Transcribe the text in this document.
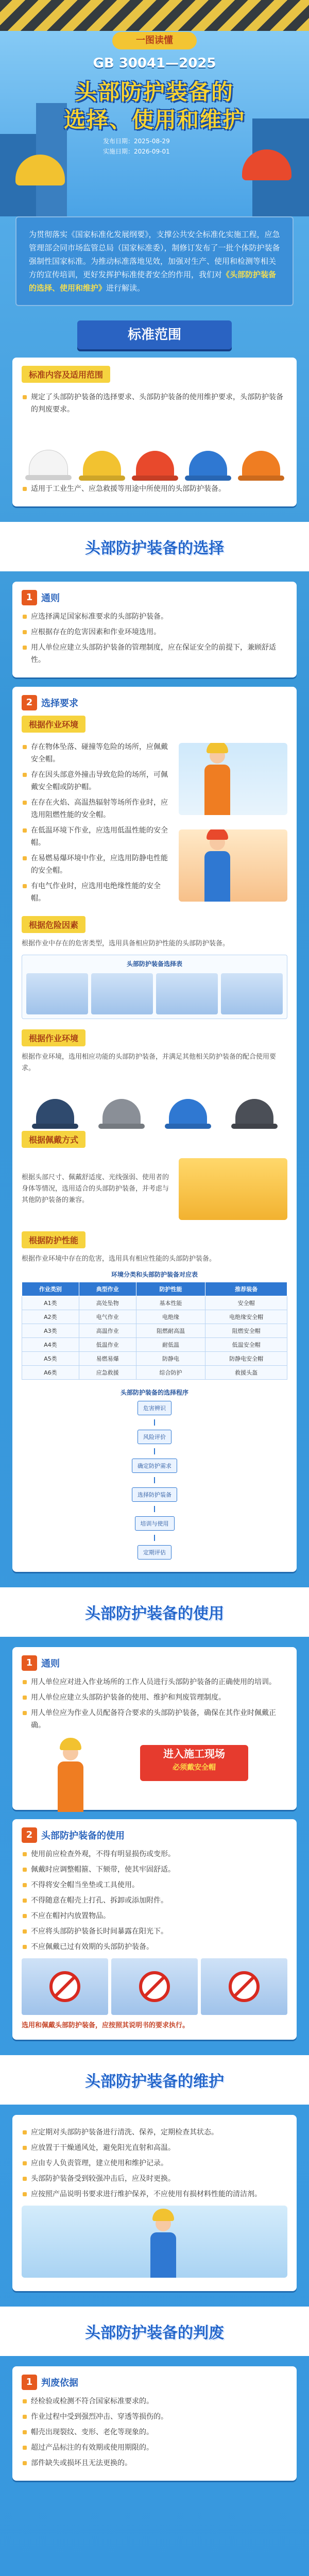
一图读懂
GB 30041—2025
头部防护装备的
选择、使用和维护
发布日期：2025-08-29
实施日期：2026-09-01
为贯彻落实《国家标准化发展纲要》，支撑公共安全标准化实施工程，应急管理部会同市场监管总局（国家标准委），制修订发布了一批个体防护装备强制性国家标准。为推动标准落地见效，加强对生产、使用和检测等相关方的宣传培训，更好发挥护标准使者安全的作用，我们对《头部防护装备的选择、使用和维护》进行解读。
标准范围
标准内容及适用范围
规定了头部防护装备的选择要求、头部防护装备的使用维护要求，头部防护装备的判废要求。
适用于工业生产、应急救援等用途中所使用的头部防护装备。
头部防护装备的选择
1 通则
应选择满足国家标准要求的头部防护装备。
应根据存在的危害因素和作业环境选用。
用人单位应建立头部防护装备的管理制度，应在保证安全的前提下，兼顾舒适性。
2 选择要求
根据作业环境
存在物体坠落、碰撞等危险的场所，应佩戴安全帽。
存在因头部意外撞击导致危险的场所，可佩戴安全帽或防护帽。
在存在火焰、高温热辐射等场所作业时，应选用阻燃性能的安全帽。
在低温环境下作业，应选用低温性能的安全帽。
在易燃易爆环境中作业，应选用防静电性能的安全帽。
有电气作业时，应选用电绝缘性能的安全帽。
根据危险因素
根据作业中存在的危害类型，选用具备相应防护性能的头部防护装备。
头部防护装备选择表
根据作业环境
根据作业环境，选用相应功能的头部防护装备，并满足其他相关防护装备的配合使用要求。
根据佩戴方式
根据头部尺寸、佩戴舒适度、光线强弱、使用者的身体等情况，选用适合的头部防护装备，并考虑与其他防护装备的兼容。
根据防护性能
根据作业环境中存在的危害，选用具有相应性能的头部防护装备。
环境分类和头部防护装备对应表
作业类别	典型作业	防护性能	推荐装备
A1类	高处坠物	基本性能	安全帽
A2类	电气作业	电绝缘	电绝缘安全帽
A3类	高温作业	阻燃耐高温	阻燃安全帽
A4类	低温作业	耐低温	低温安全帽
A5类	易燃易爆	防静电	防静电安全帽
A6类	应急救援	综合防护	救援头盔
头部防护装备的选择程序
危害辨识
风险评价
确定防护需求
选择防护装备
培训与使用
定期评估
头部防护装备的使用
1 通则
用人单位应对进入作业场所的工作人员进行头部防护装备的正确使用的培训。
用人单位应建立头部防护装备的使用、维护和判废管理制度。
用人单位应为作业人员配备符合要求的头部防护装备，确保在其作业时佩戴正确。
进入施工现场
必须戴安全帽
2 头部防护装备的使用
使用前应检查外观，不得有明显损伤或变形。
佩戴时应调整帽箍、下颏带，使其牢固舒适。
不得将安全帽当坐垫或工具使用。
不得随意在帽壳上打孔、拆卸或添加附件。
不应在帽衬内放置物品。
不应将头部防护装备长时间暴露在阳光下。
不应佩戴已过有效期的头部防护装备。
选用和佩戴头部防护装备，应按照其说明书的要求执行。
头部防护装备的维护
应定期对头部防护装备进行清洗、保养，定期检查其状态。
应放置于干燥通风处，避免阳光直射和高温。
应由专人负责管理，建立使用和维护记录。
头部防护装备受到较强冲击后，应及时更换。
应按照产品说明书要求进行维护保养，不应使用有损材料性能的清洁剂。
头部防护装备的判废
1 判废依据
经检验或检测不符合国家标准要求的。
作业过程中受到强烈冲击、穿透等损伤的。
帽壳出现裂纹、变形、老化等现象的。
超过产品标注的有效期或使用期限的。
部件缺失或损坏且无法更换的。
